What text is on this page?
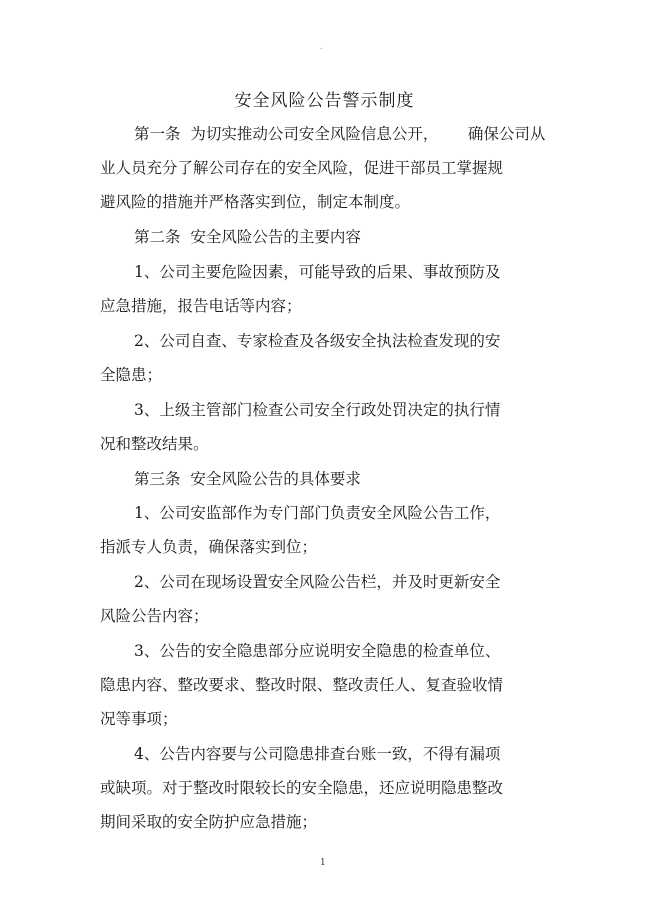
.
安全风险公告警示制度
第一条  为切实推动公司安全风险信息公开，      确保公司从
业人员充分了解公司存在的安全风险，促进干部员工掌握规
避风险的措施并严格落实到位，制定本制度。
第二条  安全风险公告的主要内容
1、公司主要危险因素，可能导致的后果、事故预防及
应急措施，报告电话等内容；
2、公司自查、专家检查及各级安全执法检查发现的安
全隐患；
3、上级主管部门检查公司安全行政处罚决定的执行情
况和整改结果。
第三条  安全风险公告的具体要求
1、公司安监部作为专门部门负责安全风险公告工作，
指派专人负责，确保落实到位；
2、公司在现场设置安全风险公告栏，并及时更新安全
风险公告内容；
3、公告的安全隐患部分应说明安全隐患的检查单位、
隐患内容、整改要求、整改时限、整改责任人、复查验收情
况等事项；
4、公告内容要与公司隐患排查台账一致，不得有漏项
或缺项。对于整改时限较长的安全隐患，还应说明隐患整改
期间采取的安全防护应急措施；
1
